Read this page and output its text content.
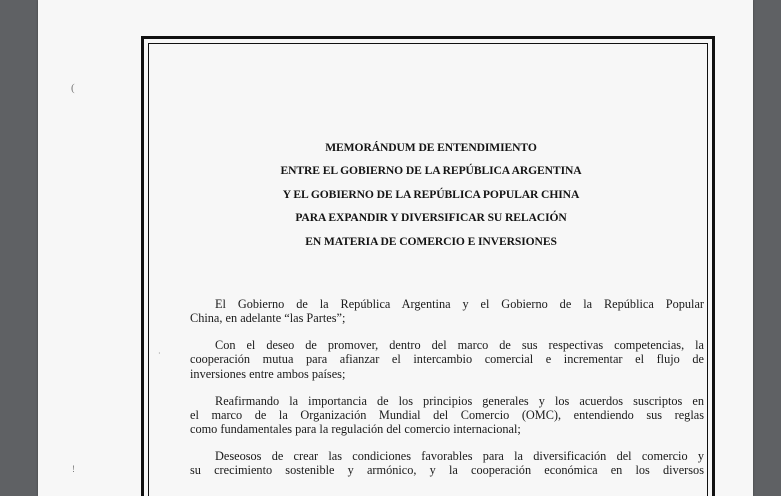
(
·
!
MEMORÁNDUM DE ENTENDIMIENTO
ENTRE EL GOBIERNO DE LA REPÚBLICA ARGENTINA
Y EL GOBIERNO DE LA REPÚBLICA POPULAR CHINA
PARA EXPANDIR Y DIVERSIFICAR SU RELACIÓN
EN MATERIA DE COMERCIO E INVERSIONES
El Gobierno de la República Argentina y el Gobierno de la República Popular
China, en adelante “las Partes”;
Con el deseo de promover, dentro del marco de sus respectivas competencias, la
cooperación mutua para afianzar el intercambio comercial e incrementar el flujo de
inversiones entre ambos países;
Reafirmando la importancia de los principios generales y los acuerdos suscriptos en
el marco de la Organización Mundial del Comercio (OMC), entendiendo sus reglas
como fundamentales para la regulación del comercio internacional;
Deseosos de crear las condiciones favorables para la diversificación del comercio y
su crecimiento sostenible y armónico, y la cooperación económica en los diversos
